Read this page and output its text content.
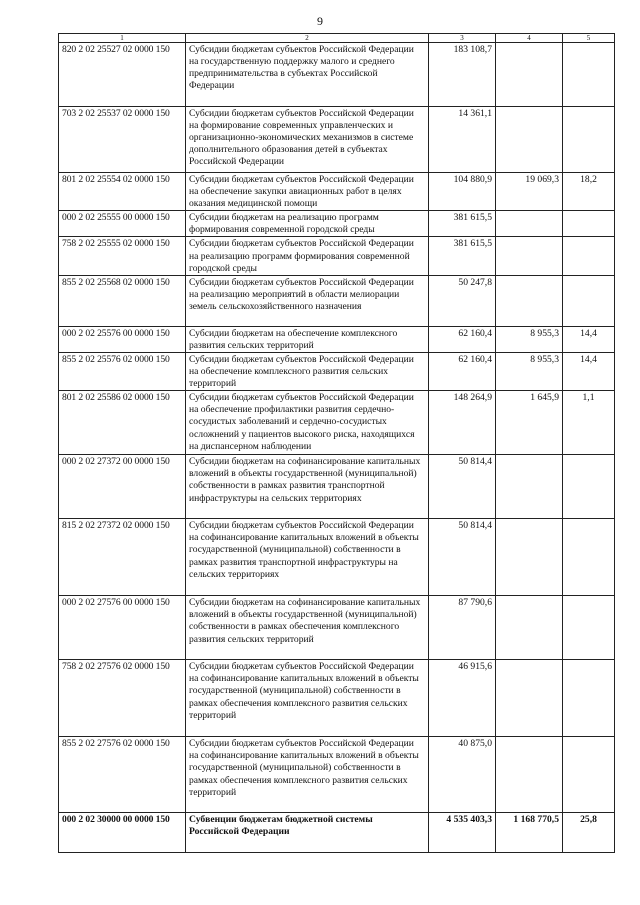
9
1	2	3	4	5
820 2 02 25527 02 0000 150	Субсидии бюджетам субъектов Российской Федерации на государственную поддержку малого и среднего предпринимательства в субъектах Российской Федерации	183 108,7		
703 2 02 25537 02 0000 150	Субсидии бюджетам субъектов Российской Федерации на формирование современных управленческих и организационно-экономических механизмов в системе дополнительного образования детей в субъектах Российской Федерации	14 361,1		
801 2 02 25554 02 0000 150	Субсидии бюджетам субъектов Российской Федерации на обеспечение закупки авиационных работ в целях оказания медицинской помощи	104 880,9	19 069,3	18,2
000 2 02 25555 00 0000 150	Субсидии бюджетам на реализацию программ формирования современной городской среды	381 615,5		
758 2 02 25555 02 0000 150	Субсидии бюджетам субъектов Российской Федерации на реализацию программ формирования современной городской среды	381 615,5		
855 2 02 25568 02 0000 150	Субсидии бюджетам субъектов Российской Федерации на реализацию мероприятий в области мелиорации земель сельскохозяйственного назначения	50 247,8		
000 2 02 25576 00 0000 150	Субсидии бюджетам на обеспечение комплексного развития сельских территорий	62 160,4	8 955,3	14,4
855 2 02 25576 02 0000 150	Субсидии бюджетам субъектов Российской Федерации на обеспечение комплексного развития сельских территорий	62 160,4	8 955,3	14,4
801 2 02 25586 02 0000 150	Субсидии бюджетам субъектов Российской Федерации на обеспечение профилактики развития сердечно-сосудистых заболеваний и сердечно-сосудистых осложнений у пациентов высокого риска, находящихся на диспансерном наблюдении	148 264,9	1 645,9	1,1
000 2 02 27372 00 0000 150	Субсидии бюджетам на софинансирование капитальных вложений в объекты государственной (муниципальной) собственности в рамках развития транспортной инфраструктуры на сельских территориях	50 814,4		
815 2 02 27372 02 0000 150	Субсидии бюджетам субъектов Российской Федерации на софинансирование капитальных вложений в объекты государственной (муниципальной) собственности в рамках развития транспортной инфраструктуры на сельских территориях	50 814,4		
000 2 02 27576 00 0000 150	Субсидии бюджетам на софинансирование капитальных вложений в объекты государственной (муниципальной) собственности в рамках обеспечения комплексного развития сельских территорий	87 790,6		
758 2 02 27576 02 0000 150	Субсидии бюджетам субъектов Российской Федерации на софинансирование капитальных вложений в объекты государственной (муниципальной) собственности в рамках обеспечения комплексного развития сельских территорий	46 915,6		
855 2 02 27576 02 0000 150	Субсидии бюджетам субъектов Российской Федерации на софинансирование капитальных вложений в объекты государственной (муниципальной) собственности в рамках обеспечения комплексного развития сельских территорий	40 875,0		
000 2 02 30000 00 0000 150	Субвенции бюджетам бюджетной системы Российской Федерации	4 535 403,3	1 168 770,5	25,8
